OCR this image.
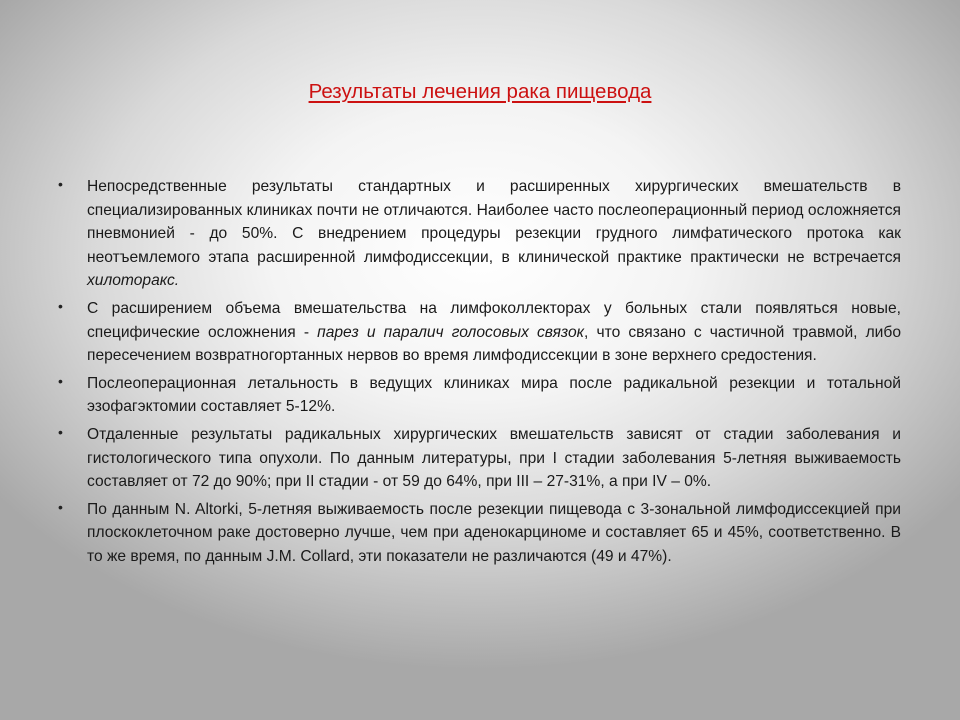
Результаты лечения рака пищевода
• Непосредственные результаты стандартных и расширенных хирургических вмешательств в специализированных клиниках почти не отличаются. Наиболее часто послеоперационный период осложняется пневмонией - до 50%. С внедрением процедуры резекции грудного лимфатического протока как неотъемлемого этапа расширенной лимфодиссекции, в клинической практике практически не встречается хилоторакс.
• С расширением объема вмешательства на лимфоколлекторах у больных стали появляться новые, специфические осложнения - парез и паралич голосовых связок, что связано с частичной травмой, либо пересечением возвратногортанных нервов во время лимфодиссекции в зоне верхнего средостения.
• Послеоперационная летальность в ведущих клиниках мира после радикальной резекции и тотальной эзофагэктомии составляет 5-12%.
• Отдаленные результаты радикальных хирургических вмешательств зависят от стадии заболевания и гистологического типа опухоли. По данным литературы, при I стадии заболевания 5-летняя выживаемость составляет от 72 до 90%; при II стадии - от 59 до 64%, при III – 27-31%, а при IV – 0%.
• По данным N. Altorki, 5-летняя выживаемость после резекции пищевода с 3-зональной лимфодиссекцией при плоскоклеточном раке достоверно лучше, чем при аденокарциноме и составляет 65 и 45%, соответственно. В то же время, по данным J.M. Collard, эти показатели не различаются (49 и 47%).
